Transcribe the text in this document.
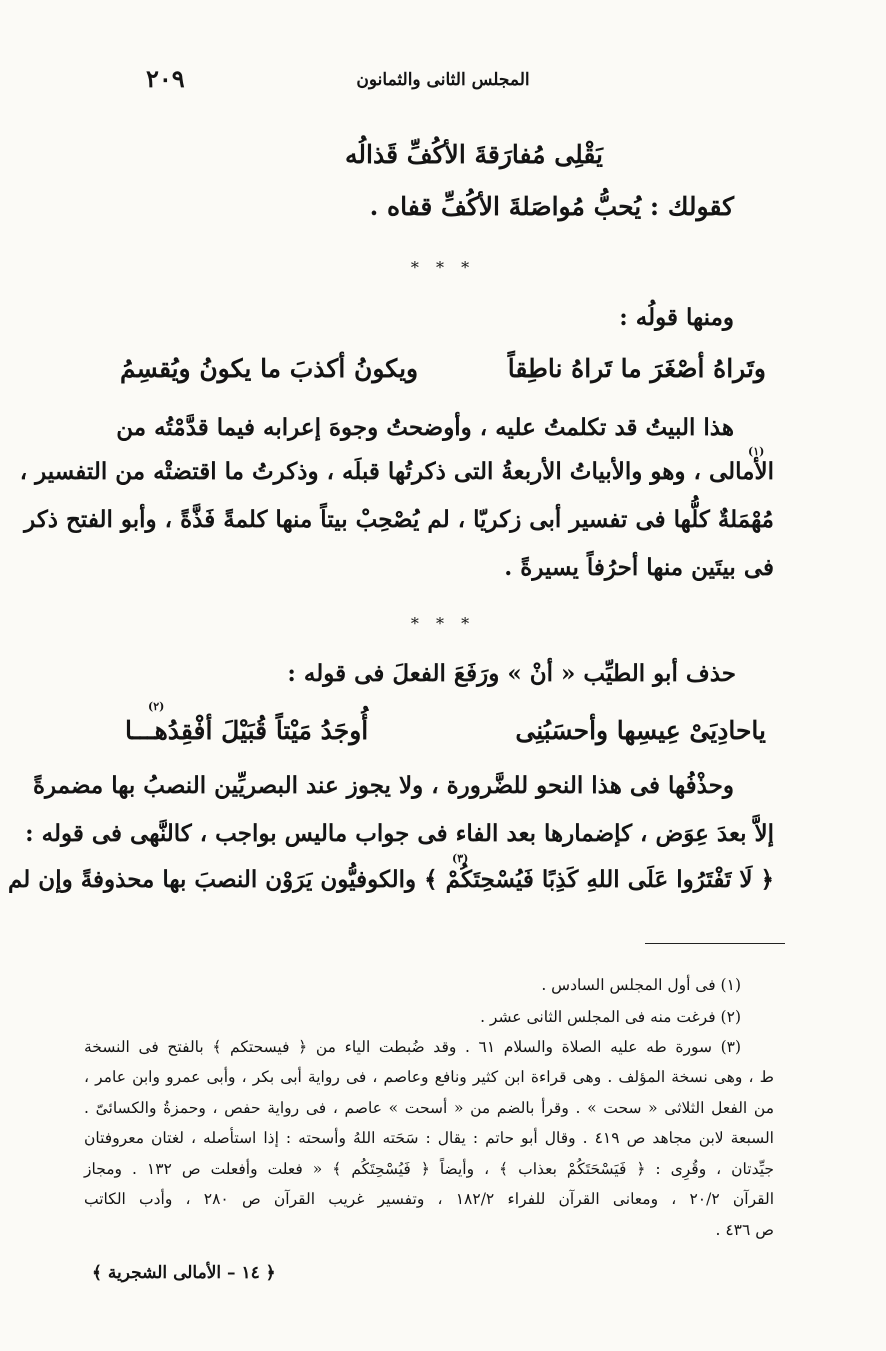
٢٠٩	المجلس الثانى والثمانون
يَقْلِى مُفارَقةَ الأكُفِّ قَذالُه
كقولك : يُحبُّ مُواصَلةَ الأكُفِّ قفاه .
* * *
ومنها قولُه :
وتَراهُ أصْغَرَ ما تَراهُ ناطِقاً
ويكونُ أكذبَ ما يكونُ ويُقسِمُ
هذا البيتُ قد تكلمتُ عليه ، وأوضحتُ وجوهَ إعرابه فيما قدَّمْتُه من
الأمالى ، وهو والأبياتُ الأربعةُ التى ذكرتُها قبلَه ، وذكرتُ ما اقتضتْه من التفسير ،
(١)
مُهْمَلةٌ كلُّها فى تفسير أبى زكريّا ، لم يُصْحِبْ بيتاً منها كلمةً فَذَّةً ، وأبو الفتح ذكر
فى بيتَين منها أحرُفاً يسيرةً .
* * *
حذف أبو الطيِّب « أنْ » ورَفَعَ الفعلَ فى قوله :
ياحادِيَىْ عِيسِها وأحسَبُنِى
أُوجَدُ مَيْتاً قُبَيْلَ أفْقِدُهـــا
(٢)
وحذْفُها فى هذا النحو للضَّرورة ، ولا يجوز عند البصريِّين النصبُ بها مضمرةً
إلاَّ بعدَ عِوَض ، كإضمارها بعد الفاء فى جواب ماليس بواجب ، كالنَّهى فى قوله :
﴿ لَا تَفْتَرُوا عَلَى اللهِ كَذِبًا فَيُسْحِتَكُمْ ﴾ والكوفيُّون يَرَوْن النصبَ بها محذوفةً وإن لم
(٣)
(١) فى أول المجلس السادس .
(٢) فرغت منه فى المجلس الثانى عشر .
(٣) سورة طه عليه الصلاة والسلام ٦١ . وقد ضُبطت الياء من ﴿ فيسحتكم ﴾ بالفتح فى النسخة
ط ، وهى نسخة المؤلف . وهى قراءة ابن كثير ونافع وعاصم ، فى رواية أبى بكر ، وأبى عمرو وابن عامر ،
من الفعل الثلاثى « سحت » . وقرأ بالضم من « أسحت » عاصم ، فى رواية حفص ، وحمزةُ والكسائىّ .
السبعة لابن مجاهد ص ٤١٩ . وقال أبو حاتم : يقال : سَحَته اللهُ وأسحته : إذا استأصله ، لغتان معروفتان
جيِّدتان ، وقُرِى : ﴿ فَيَسْحَتَكُمْ بعذاب ﴾ ، وأيضاً ﴿ فَيُسْحِتَكُم ﴾ « فعلت وأفعلت ص ١٣٢ . ومجاز
القرآن ٢٠/٢ ، ومعانى القرآن للفراء ١٨٢/٢ ، وتفسير غريب القرآن ص ٢٨٠ ، وأدب الكاتب
ص ٤٣٦ .
﴿ ١٤ – الأمالى الشجرية ﴾
